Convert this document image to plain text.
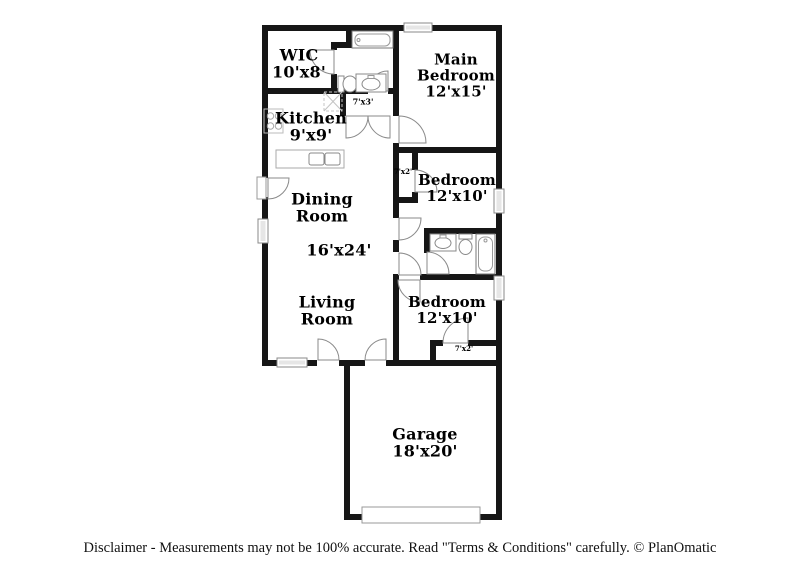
WIC
10'x8'
Main
Bedroom
12'x15'
Kitchen
9'x9'
7'x3'
Dining
Room
16'x24'
Living
Room
Bedroom
12'x10'
7'x2'
Bedroom
12'x10'
7'x2'
Garage
18'x20'
Disclaimer - Measurements may not be 100% accurate. Read "Terms & Conditions" carefully. © PlanOmatic
